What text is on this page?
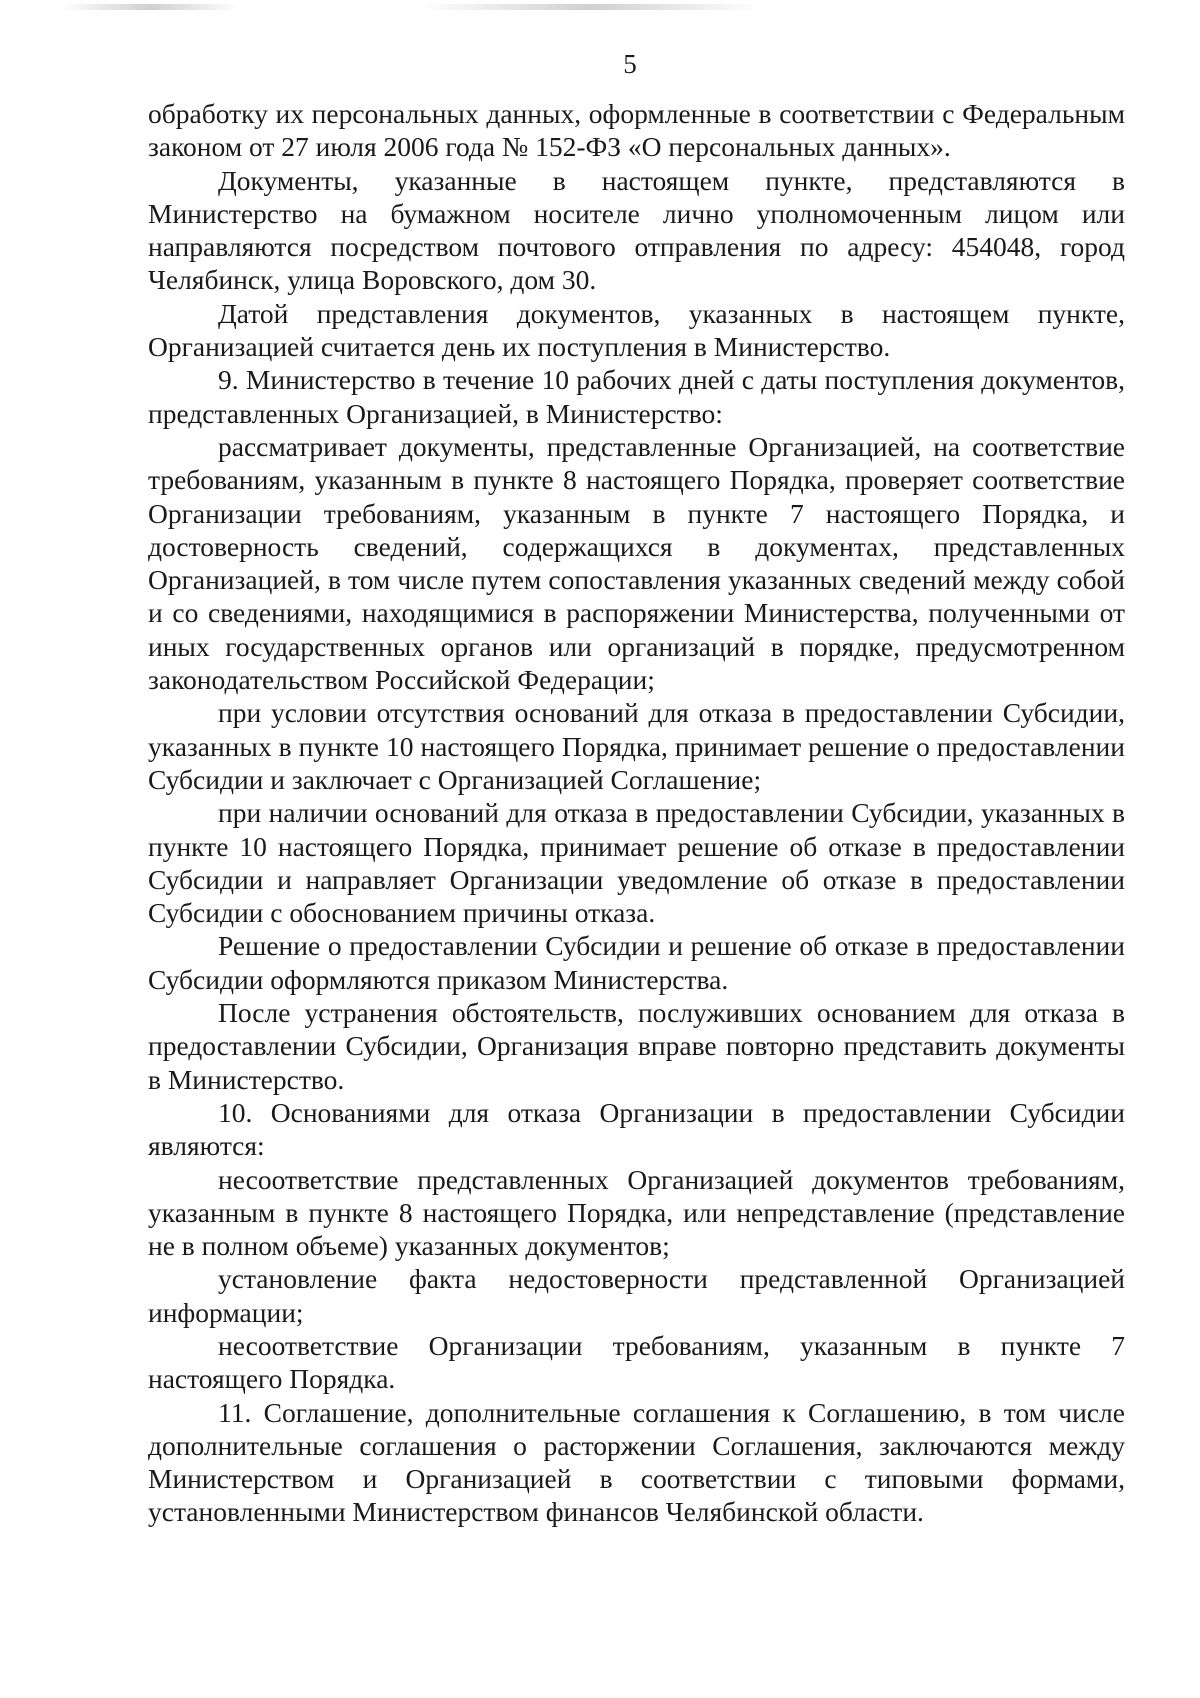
5

обработку их персональных данных, оформленные в соответствии с Федеральным законом от 27 июля 2006 года № 152-ФЗ «О персональных данных».

Документы, указанные в настоящем пункте, представляются в Министерство на бумажном носителе лично уполномоченным лицом или направляются посредством почтового отправления по адресу: 454048, город Челябинск, улица Воровского, дом 30.

Датой представления документов, указанных в настоящем пункте, Организацией считается день их поступления в Министерство.

9. Министерство в течение 10 рабочих дней с даты поступления документов, представленных Организацией, в Министерство:

рассматривает документы, представленные Организацией, на соответствие требованиям, указанным в пункте 8 настоящего Порядка, проверяет соответствие Организации требованиям, указанным в пункте 7 настоящего Порядка, и достоверность сведений, содержащихся в документах, представленных Организацией, в том числе путем сопоставления указанных сведений между собой и со сведениями, находящимися в распоряжении Министерства, полученными от иных государственных органов или организаций в порядке, предусмотренном законодательством Российской Федерации;

при условии отсутствия оснований для отказа в предоставлении Субсидии, указанных в пункте 10 настоящего Порядка, принимает решение о предоставлении Субсидии и заключает с Организацией Соглашение;

при наличии оснований для отказа в предоставлении Субсидии, указанных в пункте 10 настоящего Порядка, принимает решение об отказе в предоставлении Субсидии и направляет Организации уведомление об отказе в предоставлении Субсидии с обоснованием причины отказа.

Решение о предоставлении Субсидии и решение об отказе в предоставлении Субсидии оформляются приказом Министерства.

После устранения обстоятельств, послуживших основанием для отказа в предоставлении Субсидии, Организация вправе повторно представить документы в Министерство.

10. Основаниями для отказа Организации в предоставлении Субсидии являются:

несоответствие представленных Организацией документов требованиям, указанным в пункте 8 настоящего Порядка, или непредставление (представление не в полном объеме) указанных документов;

установление факта недостоверности представленной Организацией информации;

несоответствие Организации требованиям, указанным в пункте 7 настоящего Порядка.

11. Соглашение, дополнительные соглашения к Соглашению, в том числе дополнительные соглашения о расторжении Соглашения, заключаются между Министерством и Организацией в соответствии с типовыми формами, установленными Министерством финансов Челябинской области.
